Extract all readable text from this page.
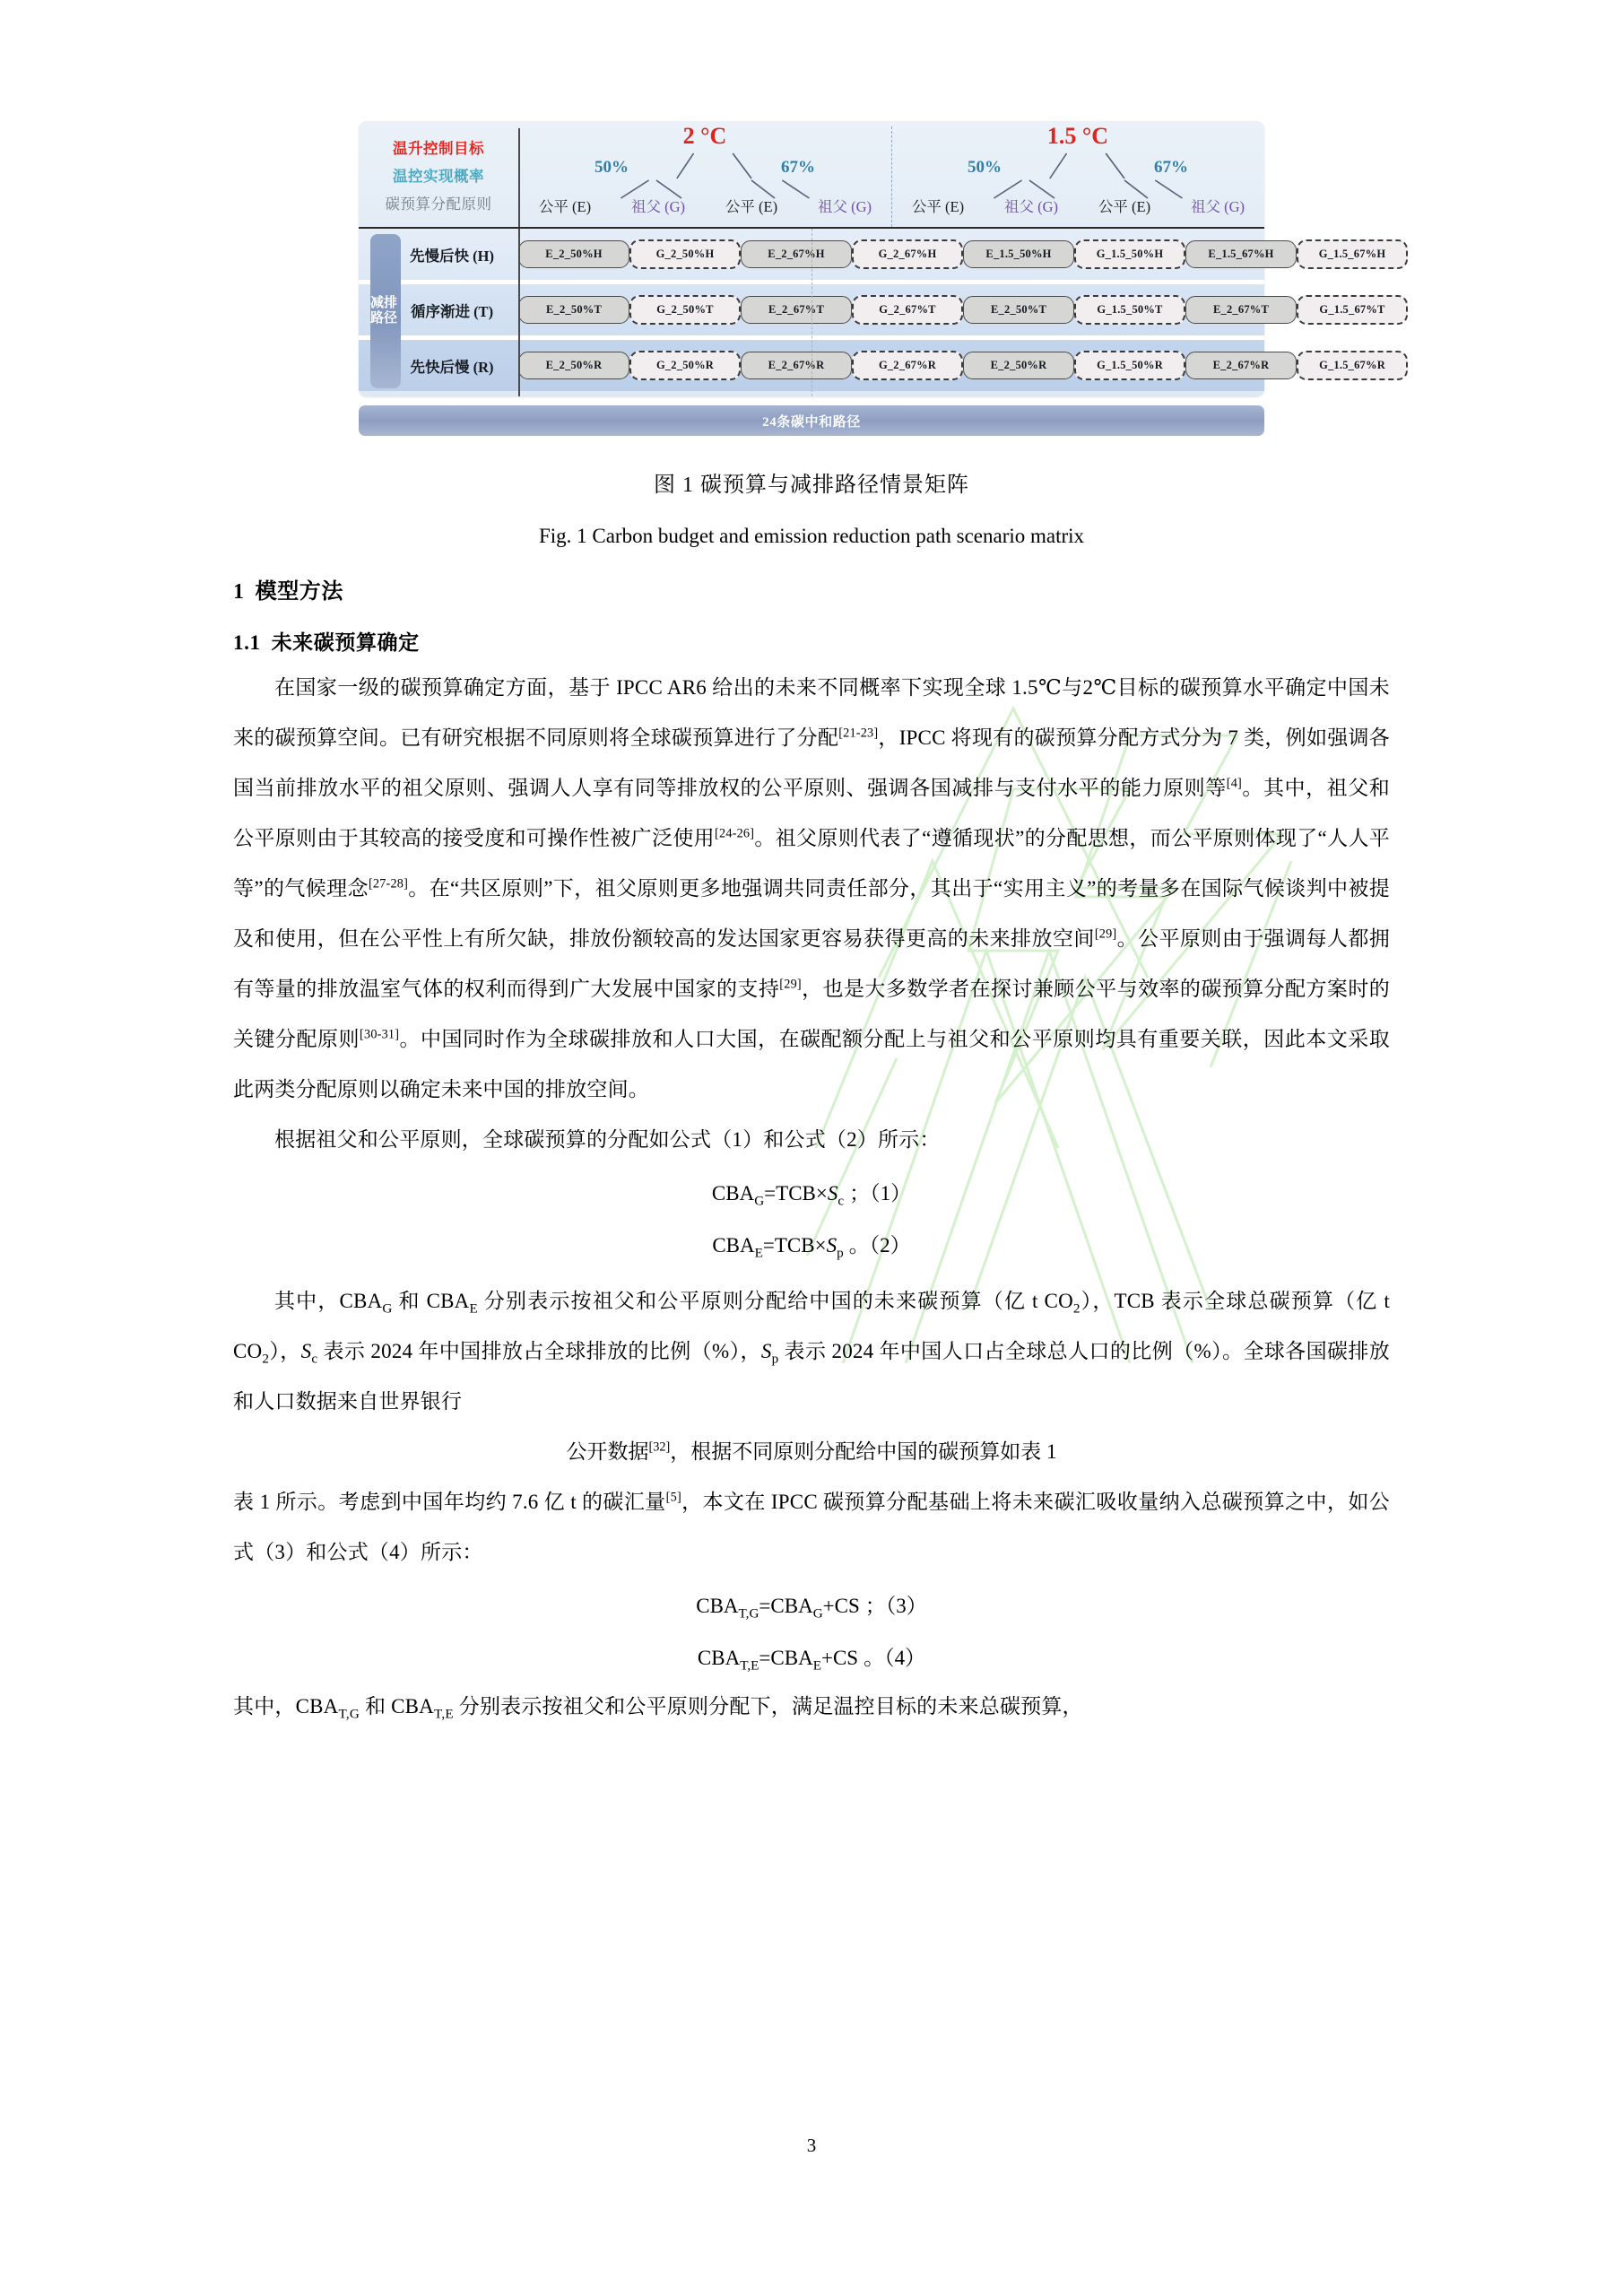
温升控制目标
温控实现概率
碳预算分配原则
2 °C
50%	67%
公平 (E)	祖父 (G)	公平 (E)	祖父 (G)
1.5 °C
50%	67%
公平 (E)	祖父 (G)	公平 (E)	祖父 (G)
减排路径
先慢后快 (H)	E_2_50%H	G_2_50%H	E_2_67%H	G_2_67%H	E_1.5_50%H	G_1.5_50%H	E_1.5_67%H	G_1.5_67%H
循序渐进 (T)	E_2_50%T	G_2_50%T	E_2_67%T	G_2_67%T	E_2_50%T	G_1.5_50%T	E_2_67%T	G_1.5_67%T
先快后慢 (R)	E_2_50%R	G_2_50%R	E_2_67%R	G_2_67%R	E_2_50%R	G_1.5_50%R	E_2_67%R	G_1.5_67%R
24条碳中和路径
图 1 碳预算与减排路径情景矩阵
Fig. 1 Carbon budget and emission reduction path scenario matrix
1 模型方法
1.1 未来碳预算确定

在国家一级的碳预算确定方面，基于 IPCC AR6 给出的未来不同概率下实现全球 1.5℃与2℃目标的碳预算水平确定中国未来的碳预算空间。已有研究根据不同原则将全球碳预算进行了分配[21-23]，IPCC 将现有的碳预算分配方式分为 7 类，例如强调各国当前排放水平的祖父原则、强调人人享有同等排放权的公平原则、强调各国减排与支付水平的能力原则等[4]。其中，祖父和公平原则由于其较高的接受度和可操作性被广泛使用[24-26]。祖父原则代表了“遵循现状”的分配思想，而公平原则体现了“人人平等”的气候理念[27-28]。在“共区原则”下，祖父原则更多地强调共同责任部分，其出于“实用主义”的考量多在国际气候谈判中被提及和使用，但在公平性上有所欠缺，排放份额较高的发达国家更容易获得更高的未来排放空间[29]。公平原则由于强调每人都拥有等量的排放温室气体的权利而得到广大发展中国家的支持[29]，也是大多数学者在探讨兼顾公平与效率的碳预算分配方案时的关键分配原则[30-31]。中国同时作为全球碳排放和人口大国，在碳配额分配上与祖父和公平原则均具有重要关联，因此本文采取此两类分配原则以确定未来中国的排放空间。

根据祖父和公平原则，全球碳预算的分配如公式（1）和公式（2）所示：

$CBA_G=TCB\times S_c$ ；（1）
$CBA_E=TCB\times S_p$ 。（2）

其中，$CBA_G$ 和 $CBA_E$ 分别表示按祖父和公平原则分配给中国的未来碳预算（亿 t $CO_2$），TCB 表示全球总碳预算（亿 t $CO_2$），$S_c$ 表示 2024 年中国排放占全球排放的比例（%），$S_p$ 表示 2024 年中国人口占全球总人口的比例（%）。全球各国碳排放和人口数据来自世界银行

公开数据[32]，根据不同原则分配给中国的碳预算如表 1

表 1 所示。考虑到中国年均约 7.6 亿 t 的碳汇量[5]，本文在 IPCC 碳预算分配基础上将未来碳汇吸收量纳入总碳预算之中，如公式（3）和公式（4）所示：

$CBA_{T,G}=CBA_G+CS$ ；（3）
$CBA_{T,E}=CBA_E+CS$ 。（4）

其中，$CBA_{T,G}$ 和 $CBA_{T,E}$ 分别表示按祖父和公平原则分配下，满足温控目标的未来总碳预算，

3
